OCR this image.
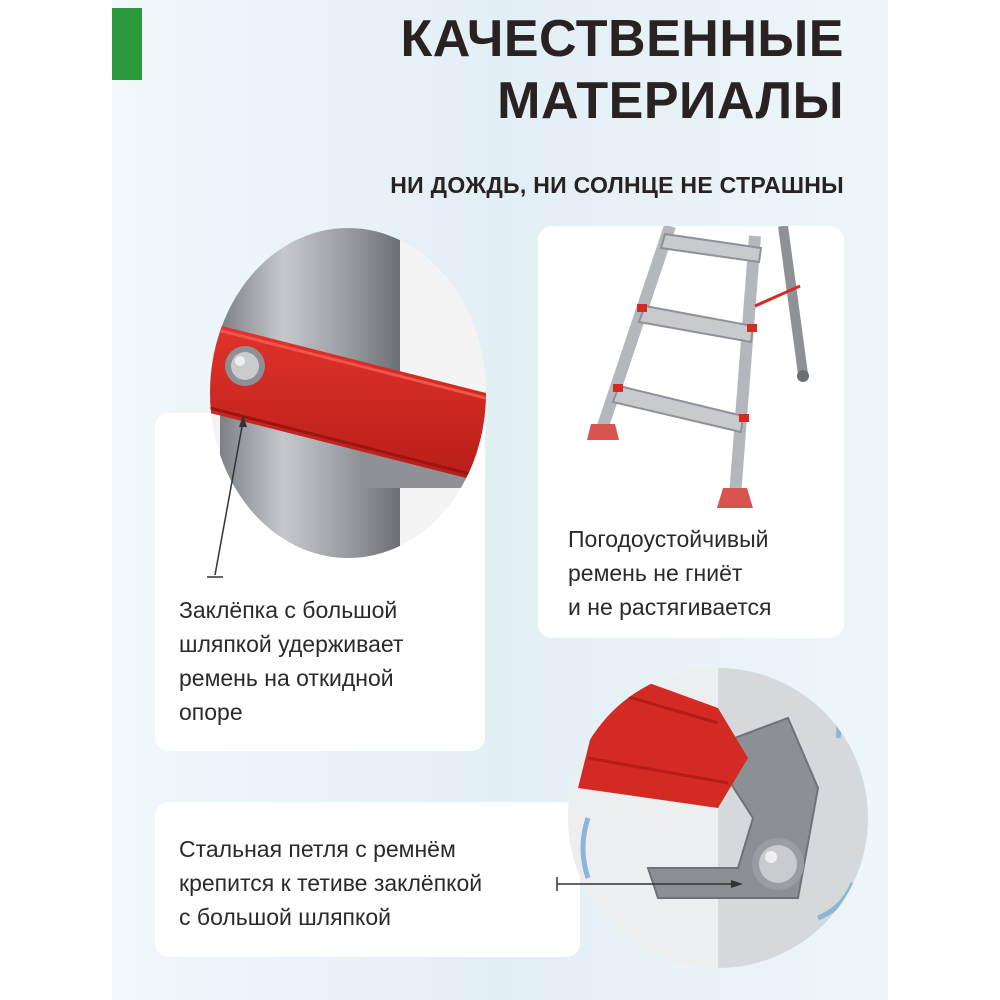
КАЧЕСТВЕННЫЕ
МАТЕРИАЛЫ
НИ ДОЖДЬ, НИ СОЛНЦЕ НЕ СТРАШНЫ
Заклёпка с большой
шляпкой удерживает
ремень на откидной
опоре
Погодоустойчивый
ремень не гниёт
и не растягивается
Стальная петля с ремнём
крепится к тетиве заклёпкой
с большой шляпкой
